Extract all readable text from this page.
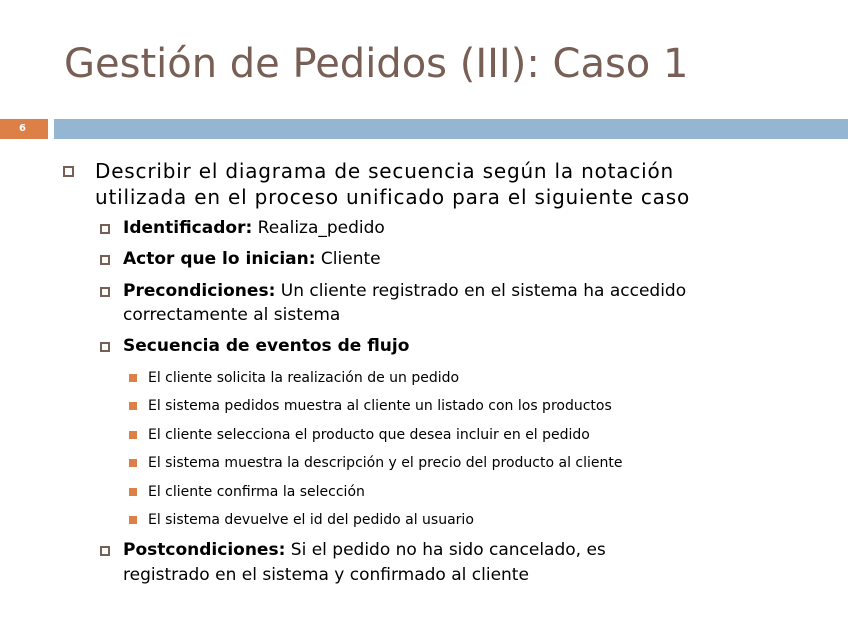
Gestión de Pedidos (III): Caso 1
6
Describir el diagrama de secuencia según la notación
utilizada en el proceso unificado para el siguiente caso
Identificador: Realiza_pedido
Actor que lo inician: Cliente
Precondiciones: Un cliente registrado en el sistema ha accedido
correctamente al sistema
Secuencia de eventos de flujo
El cliente solicita la realización de un pedido
El sistema pedidos muestra al cliente un listado con los productos
El cliente selecciona el producto que desea incluir en el pedido
El sistema muestra la descripción y el precio del producto al cliente
El cliente confirma la selección
El sistema devuelve el id del pedido al usuario
Postcondiciones: Si el pedido no ha sido cancelado, es
registrado en el sistema y confirmado al cliente
